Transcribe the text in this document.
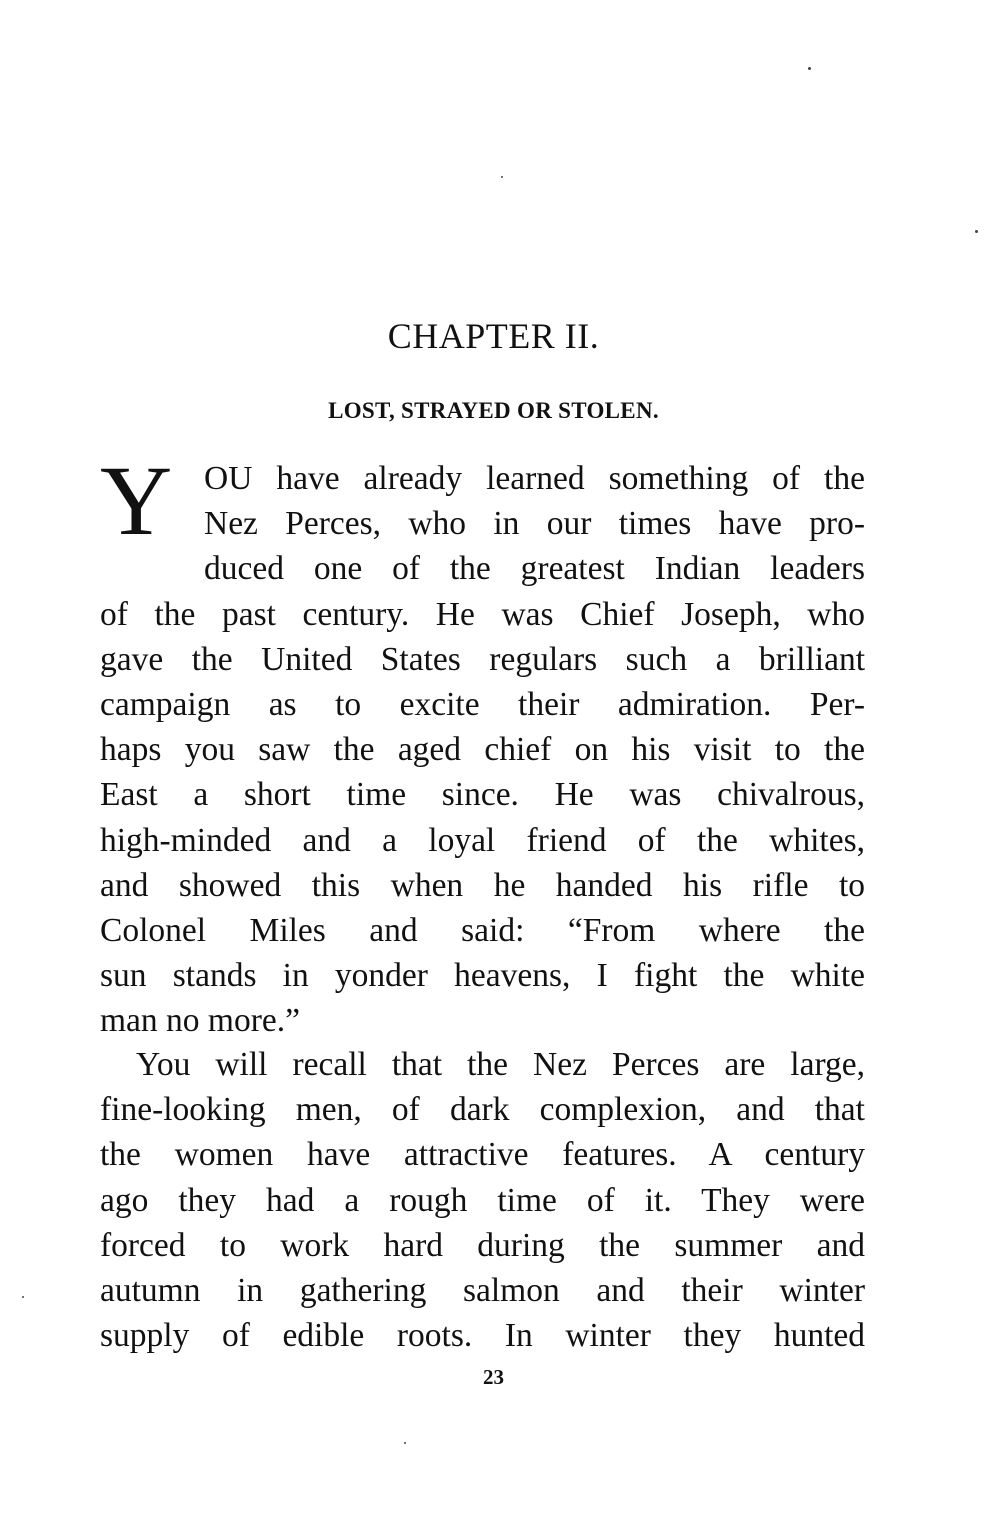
CHAPTER II.
LOST, STRAYED OR STOLEN.
Y OU have already learned something of the
Nez Perces, who in our times have pro-
duced one of the greatest Indian leaders
of the past century. He was Chief Joseph, who
gave the United States regulars such a brilliant
campaign as to excite their admiration. Per-
haps you saw the aged chief on his visit to the
East a short time since. He was chivalrous,
high-minded and a loyal friend of the whites,
and showed this when he handed his rifle to
Colonel Miles and said: “From where the
sun stands in yonder heavens, I fight the white
man no more.”
You will recall that the Nez Perces are large,
fine-looking men, of dark complexion, and that
the women have attractive features. A century
ago they had a rough time of it. They were
forced to work hard during the summer and
autumn in gathering salmon and their winter
supply of edible roots. In winter they hunted
23
